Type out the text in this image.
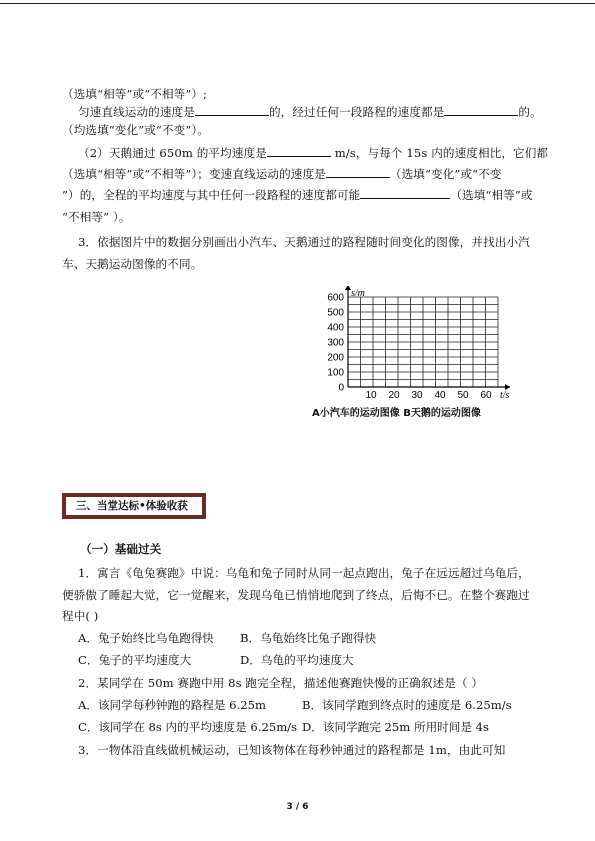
（选填“相等”或“不相等”）;
匀速直线运动的速度是	的，经过任何一段路程的速度都是	的。
（均选填“变化”或“不变”）。
（2）天鹅通过 650m 的平均速度是	m/s，与每个 15s 内的速度相比，它们都
（选填“相等”或“不相等”）；变速直线运动的速度是	（选填“变化”或“不变
”）的，全程的平均速度与其中任何一段路程的速度都可能	（选填“相等”或
“不相等” ）。
3．依据图片中的数据分别画出小汽车、天鹅通过的路程随时间变化的图像，并找出小汽
车、天鹅运动图像的不同。
600
500
400
300
200
100
0
10 20 30 40 50 60
s/m
t/s
A小汽车的运动图像 B天鹅的运动图像
三、当堂达标•体验收获
（一）基础过关
1．寓言《龟兔赛跑》中说：乌龟和兔子同时从同一起点跑出，兔子在远远超过乌龟后，
便骄傲了睡起大觉，它一觉醒来，发现乌龟已悄悄地爬到了终点，后悔不已。在整个赛跑过
程中( )
A．兔子始终比乌龟跑得快 B．乌龟始终比兔子跑得快
C．兔子的平均速度大	D．乌龟的平均速度大
2．某同学在 50m 赛跑中用 8s 跑完全程，描述他赛跑快慢的正确叙述是（ ）
A．该同学每秒钟跑的路程是 6.25m	B．该同学跑到终点时的速度是 6.25m/s
C．该同学在 8s 内的平均速度是 6.25m/s D．该同学跑完 25m 所用时间是 4s
3．一物体沿直线做机械运动，已知该物体在每秒钟通过的路程都是 1m，由此可知
3 / 6
